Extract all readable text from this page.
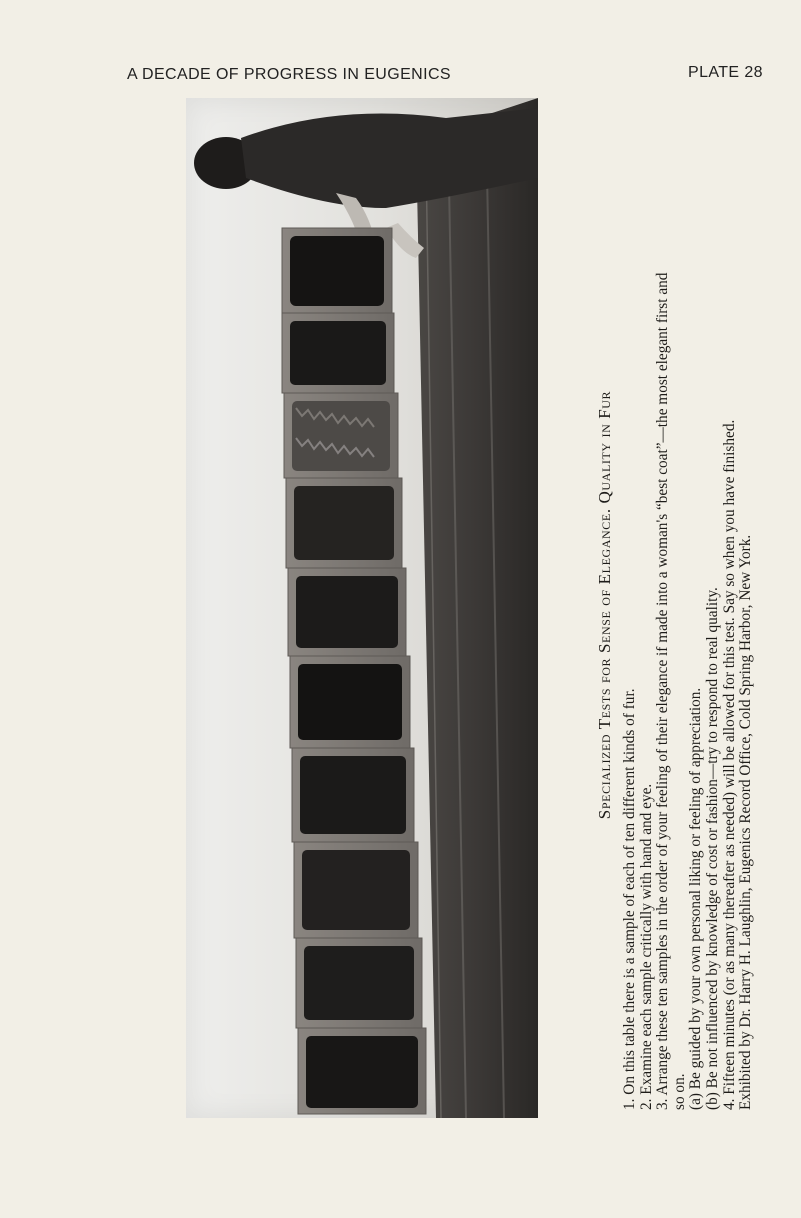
A DECADE OF PROGRESS IN EUGENICS	PLATE 28
Specialized Tests for Sense of Elegance. Quality in Fur
1. On this table there is a sample of each of ten different kinds of fur. 2. Examine each sample critically with hand and eye. 3. Arrange these ten samples in the order of your feeling of their elegance if made into a woman's “best coat”—the most elegant first and so on. (a) Be guided by your own personal liking or feeling of appreciation. (b) Be not influenced by knowledge of cost or fashion—try to respond to real quality. 4. Fifteen minutes (or as many thereafter as needed) will be allowed for this test. Say so when you have finished. Exhibited by Dr. Harry H. Laughlin, Eugenics Record Office, Cold Spring Harbor, New York.
